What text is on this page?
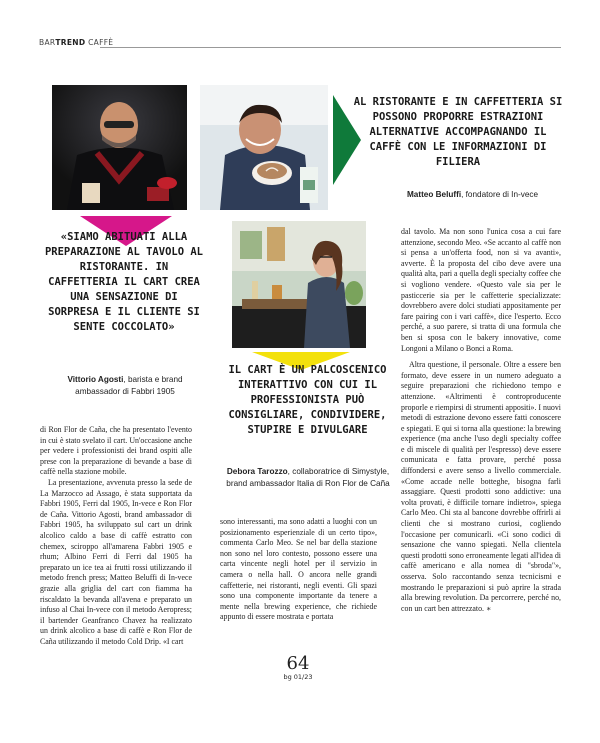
BARTREND CAFFÈ
«SIAMO ABITUATI ALLA PREPARAZIONE AL TAVOLO AL RISTORANTE. IN CAFFETTERIA IL CART CREA UNA SENSAZIONE DI SORPRESA E IL CLIENTE SI SENTE COCCOLATO»
Vittorio Agosti, barista e brand ambassador di Fabbri 1905
IL CART È UN PALCOSCENICO INTERATTIVO CON CUI IL PROFESSIONISTA PUÒ CONSIGLIARE, CONDIVIDERE, STUPIRE E DIVULGARE
Debora Tarozzo, collaboratrice di Simystyle, brand ambassador Italia di Ron Flor de Caña
AL RISTORANTE E IN CAFFETTERIA SI POSSONO PROPORRE ESTRAZIONI ALTERNATIVE ACCOMPAGNANDO IL CAFFÈ CON LE INFORMAZIONI DI FILIERA
Matteo Beluffi, fondatore di In-vece

di Ron Flor de Caña, che ha presentato l'evento in cui è stato svelato il cart. Un'occasione anche per vedere i professionisti dei brand ospiti alle prese con la preparazione di bevande a base di caffè nella stazione mobile.

La presentazione, avvenuta presso la sede de La Marzocco ad Assago, è stata supportata da Fabbri 1905, Ferri dal 1905, In-vece e Ron Flor de Caña. Vittorio Agosti, brand ambassador di Fabbri 1905, ha sviluppato sul cart un drink alcolico caldo a base di caffè estratto con chemex, sciroppo all'amarena Fabbri 1905 e rhum; Albino Ferri di Ferri dal 1905 ha preparato un ice tea ai frutti rossi utilizzando il metodo french press; Matteo Beluffi di In-vece grazie alla griglia del cart con fiamma ha riscaldato la bevanda all'avena e preparato un infuso al Chai In-vece con il metodo Aeropress; il bartender Geanfranco Chavez ha realizzato un drink alcolico a base di caffè e Ron Flor de Caña utilizzando il metodo Cold Drip. «I cart

sono interessanti, ma sono adatti a luoghi con un posizionamento esperienziale di un certo tipo», commenta Carlo Meo. Se nel bar della stazione non sono nel loro contesto, possono essere una carta vincente negli hotel per il servizio in camera o nella hall. O ancora nelle grandi caffetterie, nei ristoranti, negli eventi. Gli spazi sono una componente importante da tenere a mente nella brewing experience, che richiede appunto di essere mostrata e portata

dal tavolo. Ma non sono l'unica cosa a cui fare attenzione, secondo Meo. «Se accanto al caffè non si pensa a un'offerta food, non si va avanti», avverte. È la proposta del cibo deve avere una qualità alta, pari a quella degli specialty coffee che si vogliono vendere. «Questo vale sia per le pasticcerie sia per le caffetterie specializzate: dovrebbero avere dolci studiati appositamente per fare pairing con i vari caffè», dice l'esperto. Ecco perché, a suo parere, si tratta di una formula che ben si sposa con le bakery innovative, come Longoni a Milano o Bonci a Roma.

Altra questione, il personale. Oltre a essere ben formato, deve essere in un numero adeguato a seguire preparazioni che richiedono tempo e attenzione. «Altrimenti è controproducente proporle e riempirsi di strumenti appositi». I nuovi metodi di estrazione devono essere fatti conoscere e spiegati. E qui si torna alla questione: la brewing experience (ma anche l'uso degli specialty coffee e di miscele di qualità per l'espresso) deve essere comunicata e fatta provare, perché possa diffondersi e avere senso a livello commerciale. «Come accade nelle botteghe, bisogna farli assaggiare. Questi prodotti sono addictive: una volta provati, è difficile tornare indietro», spiega Carlo Meo. Chi sta al bancone dovrebbe offrirli ai clienti che si mostrano curiosi, cogliendo l'occasione per comunicarli. «Ci sono codici di sensazione che vanno spiegati. Nella clientela questi prodotti sono erroneamente legati all'idea di caffè americano e alla nomea di "sbroda"», osserva. Solo raccontando senza tecnicismi e mostrando le preparazioni si può aprire la strada alla brewing revolution. Da percorrere, perché no, con un cart ben attrezzato. ∗

64
bg 01/23
